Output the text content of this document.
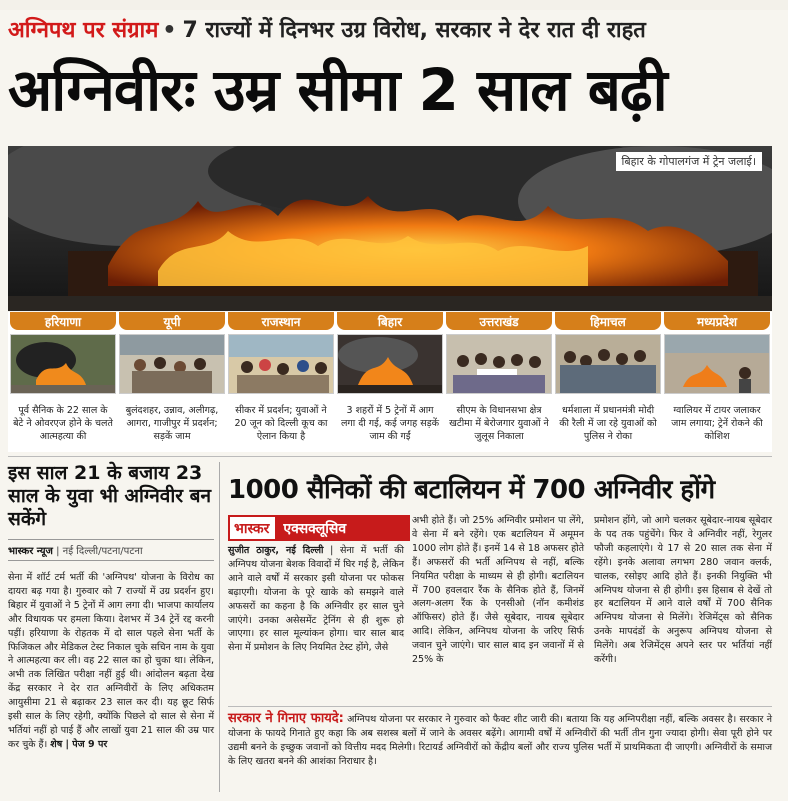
अग्निपथ पर संग्राम • 7 राज्यों में दिनभर उग्र विरोध, सरकार ने देर रात दी राहत
अग्निवीरः उम्र सीमा 2 साल बढ़ी
बिहार के गोपालगंज में ट्रेन जलाई।
हरियाणा
पूर्व सैनिक के 22 साल के बेटे ने ओवरएज होने के चलते आत्महत्या की
यूपी
बुलंदशहर, उन्नाव, अलीगढ़, आगरा, गाजीपुर में प्रदर्शन; सड़कें जाम
राजस्थान
सीकर में प्रदर्शन; युवाओं ने 20 जून को दिल्ली कूच का ऐलान किया है
बिहार
3 शहरों में 5 ट्रेनों में आग लगा दी गई, कई जगह सड़कें जाम की गईं
उत्तराखंड
सीएम के विधानसभा क्षेत्र खटीमा में बेरोजगार युवाओं ने जुलूस निकाला
हिमाचल
धर्मशाला में प्रधानमंत्री मोदी की रैली में जा रहे युवाओं को पुलिस ने रोका
मध्यप्रदेश
ग्वालियर में टायर जलाकर जाम लगाया; ट्रेनें रोकने की कोशिश
इस साल 21 के बजाय 23 साल के युवा भी अग्निवीर बन सकेंगे
भास्कर न्यूज | नई दिल्ली/पटना/पटना
सेना में शॉर्ट टर्म भर्ती की 'अग्निपथ' योजना के विरोध का दायरा बढ़ गया है। गुरुवार को 7 राज्यों में उग्र प्रदर्शन हुए। बिहार में युवाओं ने 5 ट्रेनों में आग लगा दी। भाजपा कार्यालय और विधायक पर हमला किया। देशभर में 34 ट्रेनें रद्द करनी पड़ीं। हरियाणा के रोहतक में दो साल पहले सेना भर्ती के फिजिकल और मेडिकल टेस्ट निकाल चुके सचिन नाम के युवा ने आत्महत्या कर ली। वह 22 साल का हो चुका था। लेकिन, अभी तक लिखित परीक्षा नहीं हुई थी। आंदोलन बढ़ता देख केंद्र सरकार ने देर रात अग्निवीरों के लिए अधिकतम आयुसीमा 21 से बढ़ाकर 23 साल कर दी। यह छूट सिर्फ इसी साल के लिए रहेगी, क्योंकि पिछले दो साल से सेना में भर्तियां नहीं हो पाई हैं और लाखों युवा 21 साल की उम्र पार कर चुके हैं। शेष | पेज 9 पर
1000 सैनिकों की बटालियन में 700 अग्निवीर होंगे
भास्कर	एक्सक्लूसिव
सुजीत ठाकुर, नई दिल्ली | सेना में भर्ती की अग्निपथ योजना बेशक विवादों में घिर गई है, लेकिन आने वाले वर्षों में सरकार इसी योजना पर फोकस बढ़ाएगी। योजना के पूरे खाके को समझने वाले अफसरों का कहना है कि अग्निवीर हर साल चुने जाएंगे। उनका असेसमेंट ट्रेनिंग से ही शुरू हो जाएगा। हर साल मूल्यांकन होगा। चार साल बाद सेना में प्रमोशन के लिए नियमित टेस्ट होंगे, जैसे
अभी होते हैं। जो 25% अग्निवीर प्रमोशन पा लेंगे, वे सेना में बने रहेंगे। एक बटालियन में अमूमन 1000 लोग होते हैं। इनमें 14 से 18 अफसर होते हैं। अफसरों की भर्ती अग्निपथ से नहीं, बल्कि नियमित परीक्षा के माध्यम से ही होगी। बटालियन में 700 हवलदार रैंक के सैनिक होते हैं, जिनमें अलग-अलग रैंक के एनसीओ (नॉन कमीशंड ऑफिसर) होते हैं। जैसे सूबेदार, नायब सूबेदार आदि। लेकिन, अग्निपथ योजना के जरिए सिर्फ जवान चुने जाएंगे। चार साल बाद इन जवानों में से 25% के
प्रमोशन होंगे, जो आगे चलकर सूबेदार-नायब सूबेदार के पद तक पहुंचेंगे। फिर वे अग्निवीर नहीं, रेगुलर फौजी कहलाएंगे। ये 17 से 20 साल तक सेना में रहेंगे। इनके अलावा लगभग 280 जवान क्लर्क, चालक, रसोइए आदि होते हैं। इनकी नियुक्ति भी अग्निपथ योजना से ही होगी। इस हिसाब से देखें तो हर बटालियन में आने वाले वर्षों में 700 सैनिक अग्निपथ योजना से मिलेंगे। रेजिमेंट्स को सैनिक उनके मापदंडों के अनुरूप अग्निपथ योजना से मिलेंगे। अब रेजिमेंट्स अपने स्तर पर भर्तियां नहीं करेंगी।
सरकार ने गिनाए फायदे: अग्निपथ योजना पर सरकार ने गुरुवार को फैक्ट शीट जारी की। बताया कि यह अग्निपरीक्षा नहीं, बल्कि अवसर है। सरकार ने योजना के फायदे गिनाते हुए कहा कि अब सशस्त्र बलों में जाने के अवसर बढ़ेंगे। आगामी वर्षों में अग्निवीरों की भर्ती तीन गुना ज्यादा होगी। सेवा पूरी होने पर उद्यमी बनने के इच्छुक जवानों को वित्तीय मदद मिलेगी। रिटायर्ड अग्निवीरों को केंद्रीय बलों और राज्य पुलिस भर्ती में प्राथमिकता दी जाएगी। अग्निवीरों के समाज के लिए खतरा बनने की आशंका निराधार है।
